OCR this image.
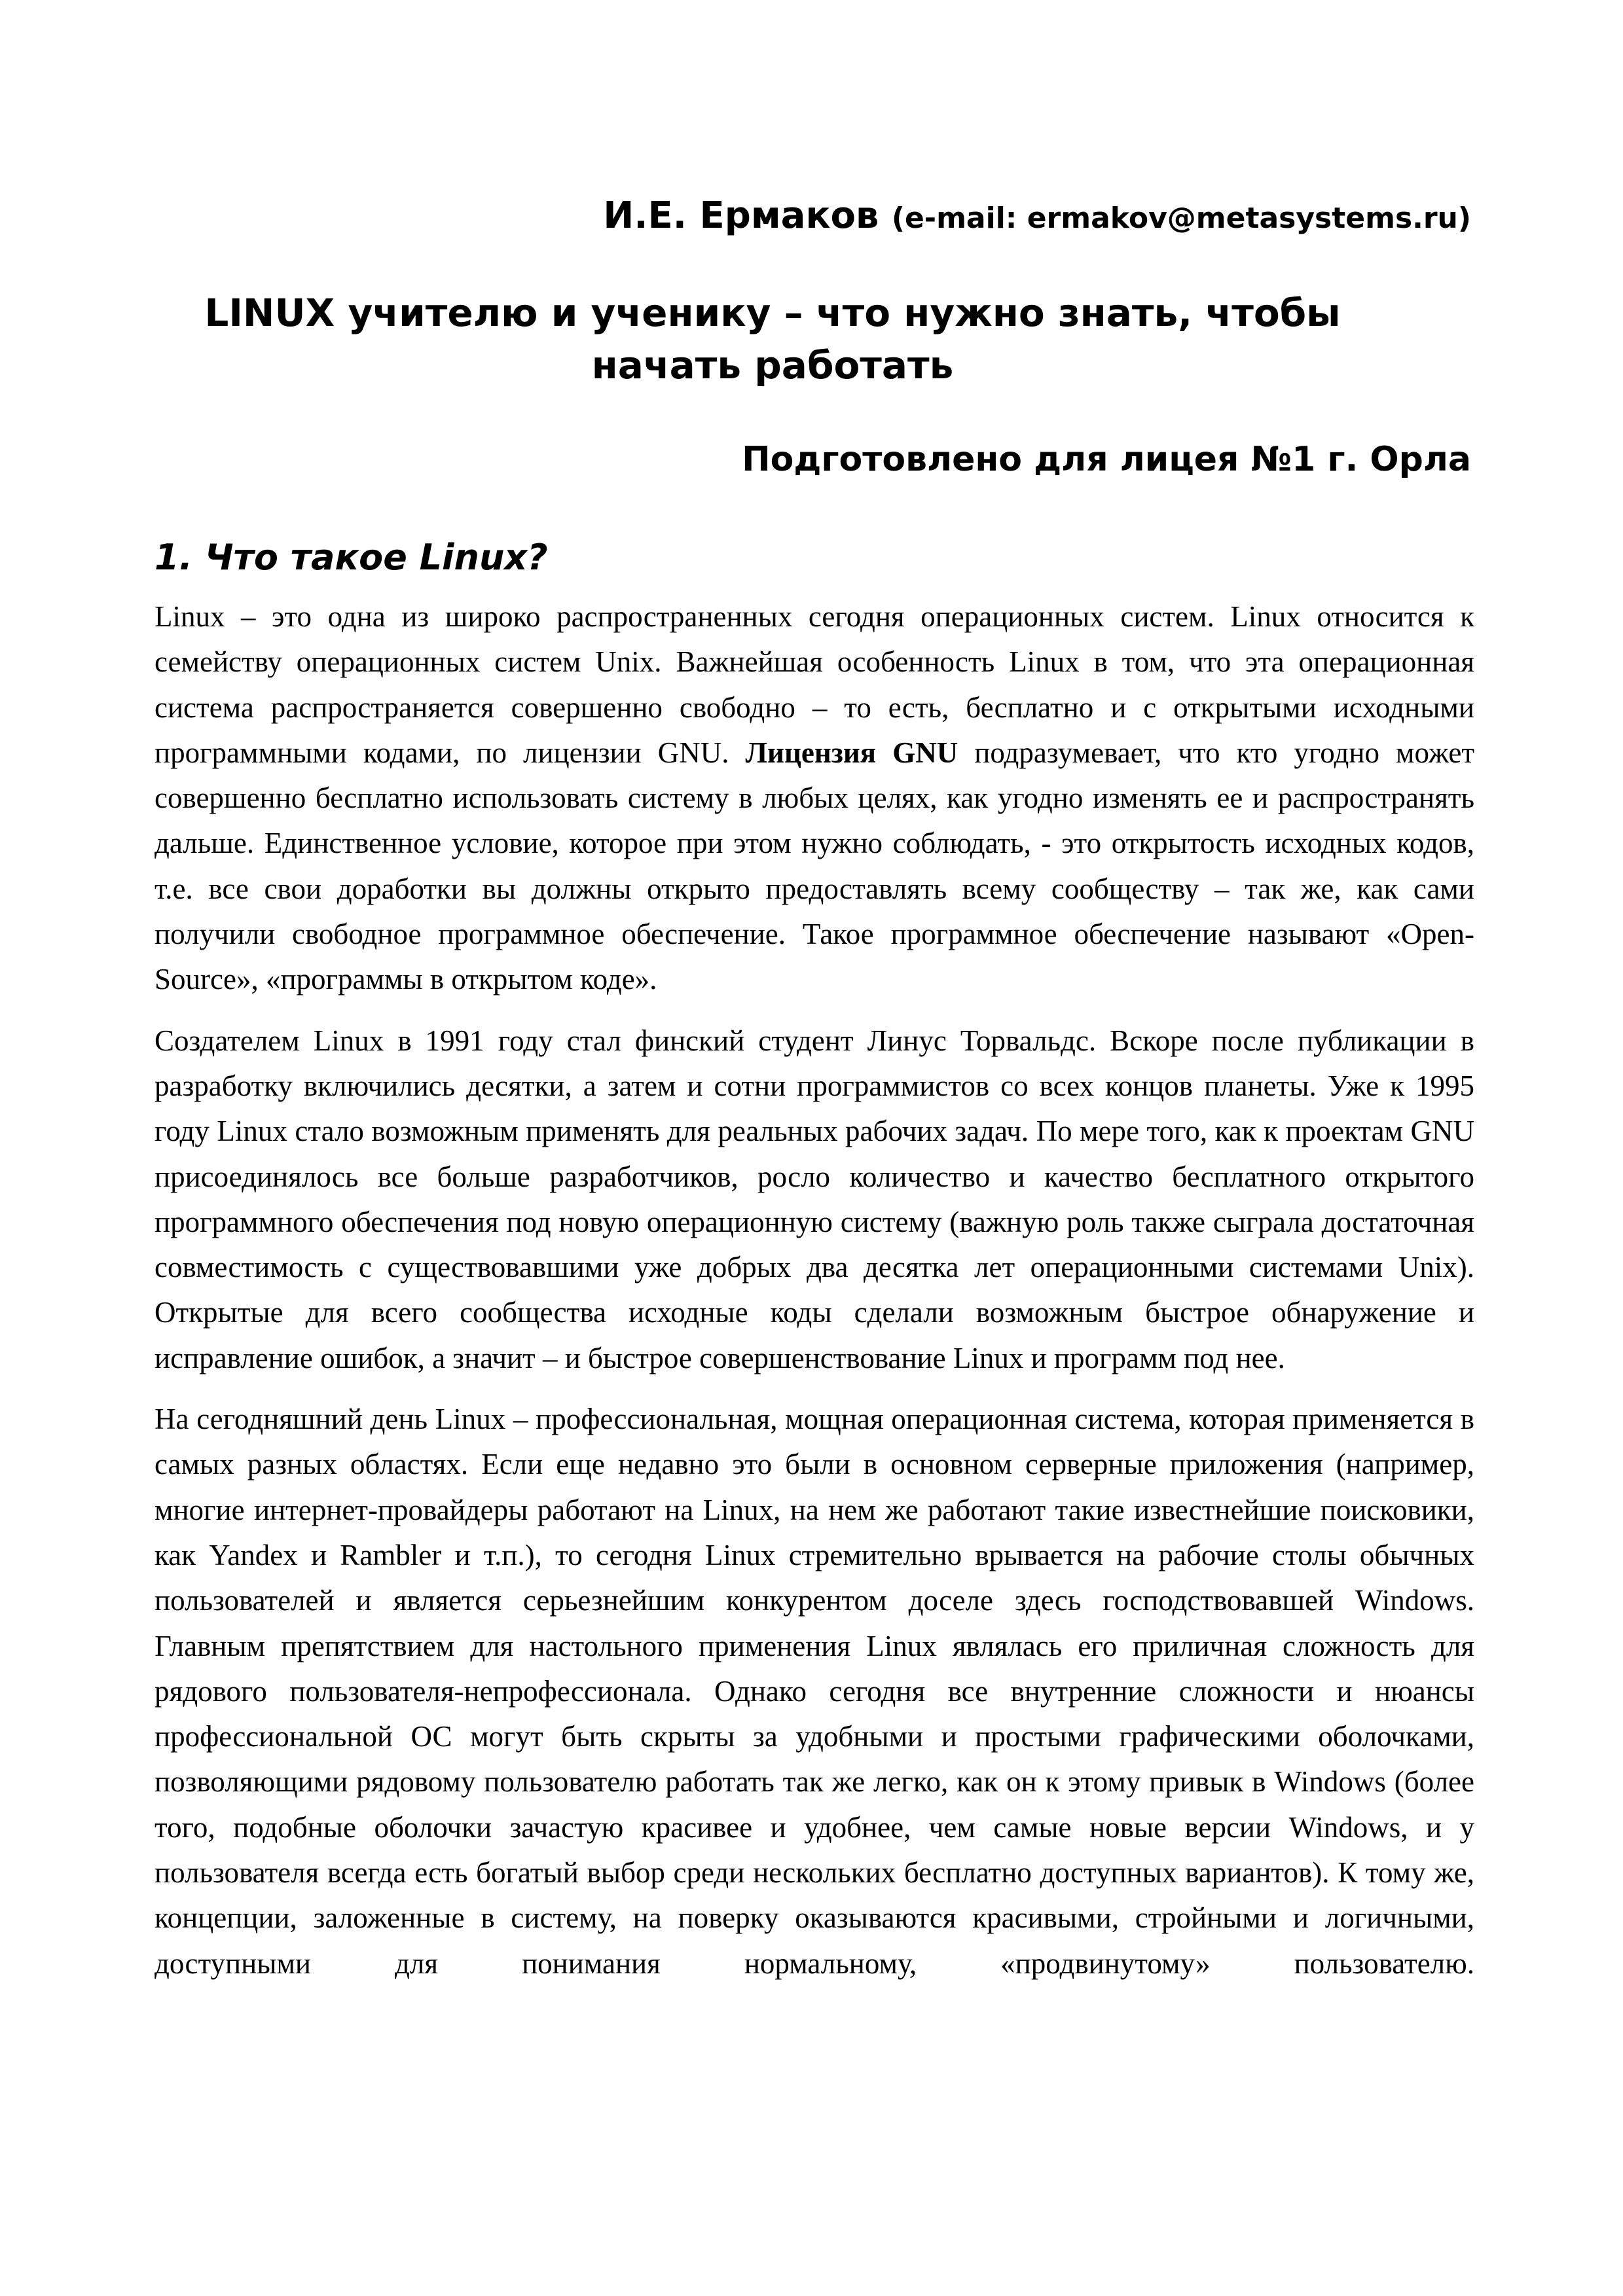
И.Е. Ермаков (e-mail: ermakov@metasystems.ru)
LINUX учителю и ученику – что нужно знать, чтобы начать работать
Подготовлено для лицея №1 г. Орла
1. Что такое Linux?

Linux – это одна из широко распространенных сегодня операционных систем. Linux относится к семейству операционных систем Unix. Важнейшая особенность Linux в том, что эта операционная система распространяется совершенно свободно – то есть, бесплатно и с открытыми исходными программными кодами, по лицензии GNU. Лицензия GNU подразумевает, что кто угодно может совершенно бесплатно использовать систему в любых целях, как угодно изменять ее и распространять дальше. Единственное условие, которое при этом нужно соблюдать, - это открытость исходных кодов, т.е. все свои доработки вы должны открыто предоставлять всему сообществу – так же, как сами получили свободное программное обеспечение. Такое программное обеспечение называют «Open-Source», «программы в открытом коде».

Создателем Linux в 1991 году стал финский студент Линус Торвальдс. Вскоре после публикации в разработку включились десятки, а затем и сотни программистов со всех концов планеты. Уже к 1995 году Linux стало возможным применять для реальных рабочих задач. По мере того, как к проектам GNU присоединялось все больше разработчиков, росло количество и качество бесплатного открытого программного обеспечения под новую операционную систему (важную роль также сыграла достаточная совместимость с существовавшими уже добрых два десятка лет операционными системами Unix). Открытые для всего сообщества исходные коды сделали возможным быстрое обнаружение и исправление ошибок, а значит – и быстрое совершенствование Linux и программ под нее.

На сегодняшний день Linux – профессиональная, мощная операционная система, которая применяется в самых разных областях. Если еще недавно это были в основном серверные приложения (например, многие интернет-провайдеры работают на Linux, на нем же работают такие известнейшие поисковики, как Yandex и Rambler и т.п.), то сегодня Linux стремительно врывается на рабочие столы обычных пользователей и является серьезнейшим конкурентом доселе здесь господствовавшей Windows. Главным препятствием для настольного применения Linux являлась его приличная сложность для рядового пользователя-непрофессионала. Однако сегодня все внутренние сложности и нюансы профессиональной ОС могут быть скрыты за удобными и простыми графическими оболочками, позволяющими рядовому пользователю работать так же легко, как он к этому привык в Windows (более того, подобные оболочки зачастую красивее и удобнее, чем самые новые версии Windows, и у пользователя всегда есть богатый выбор среди нескольких бесплатно доступных вариантов). К тому же, концепции, заложенные в систему, на поверку оказываются красивыми, стройными и логичными, доступными для понимания нормальному, «продвинутому» пользователю.
